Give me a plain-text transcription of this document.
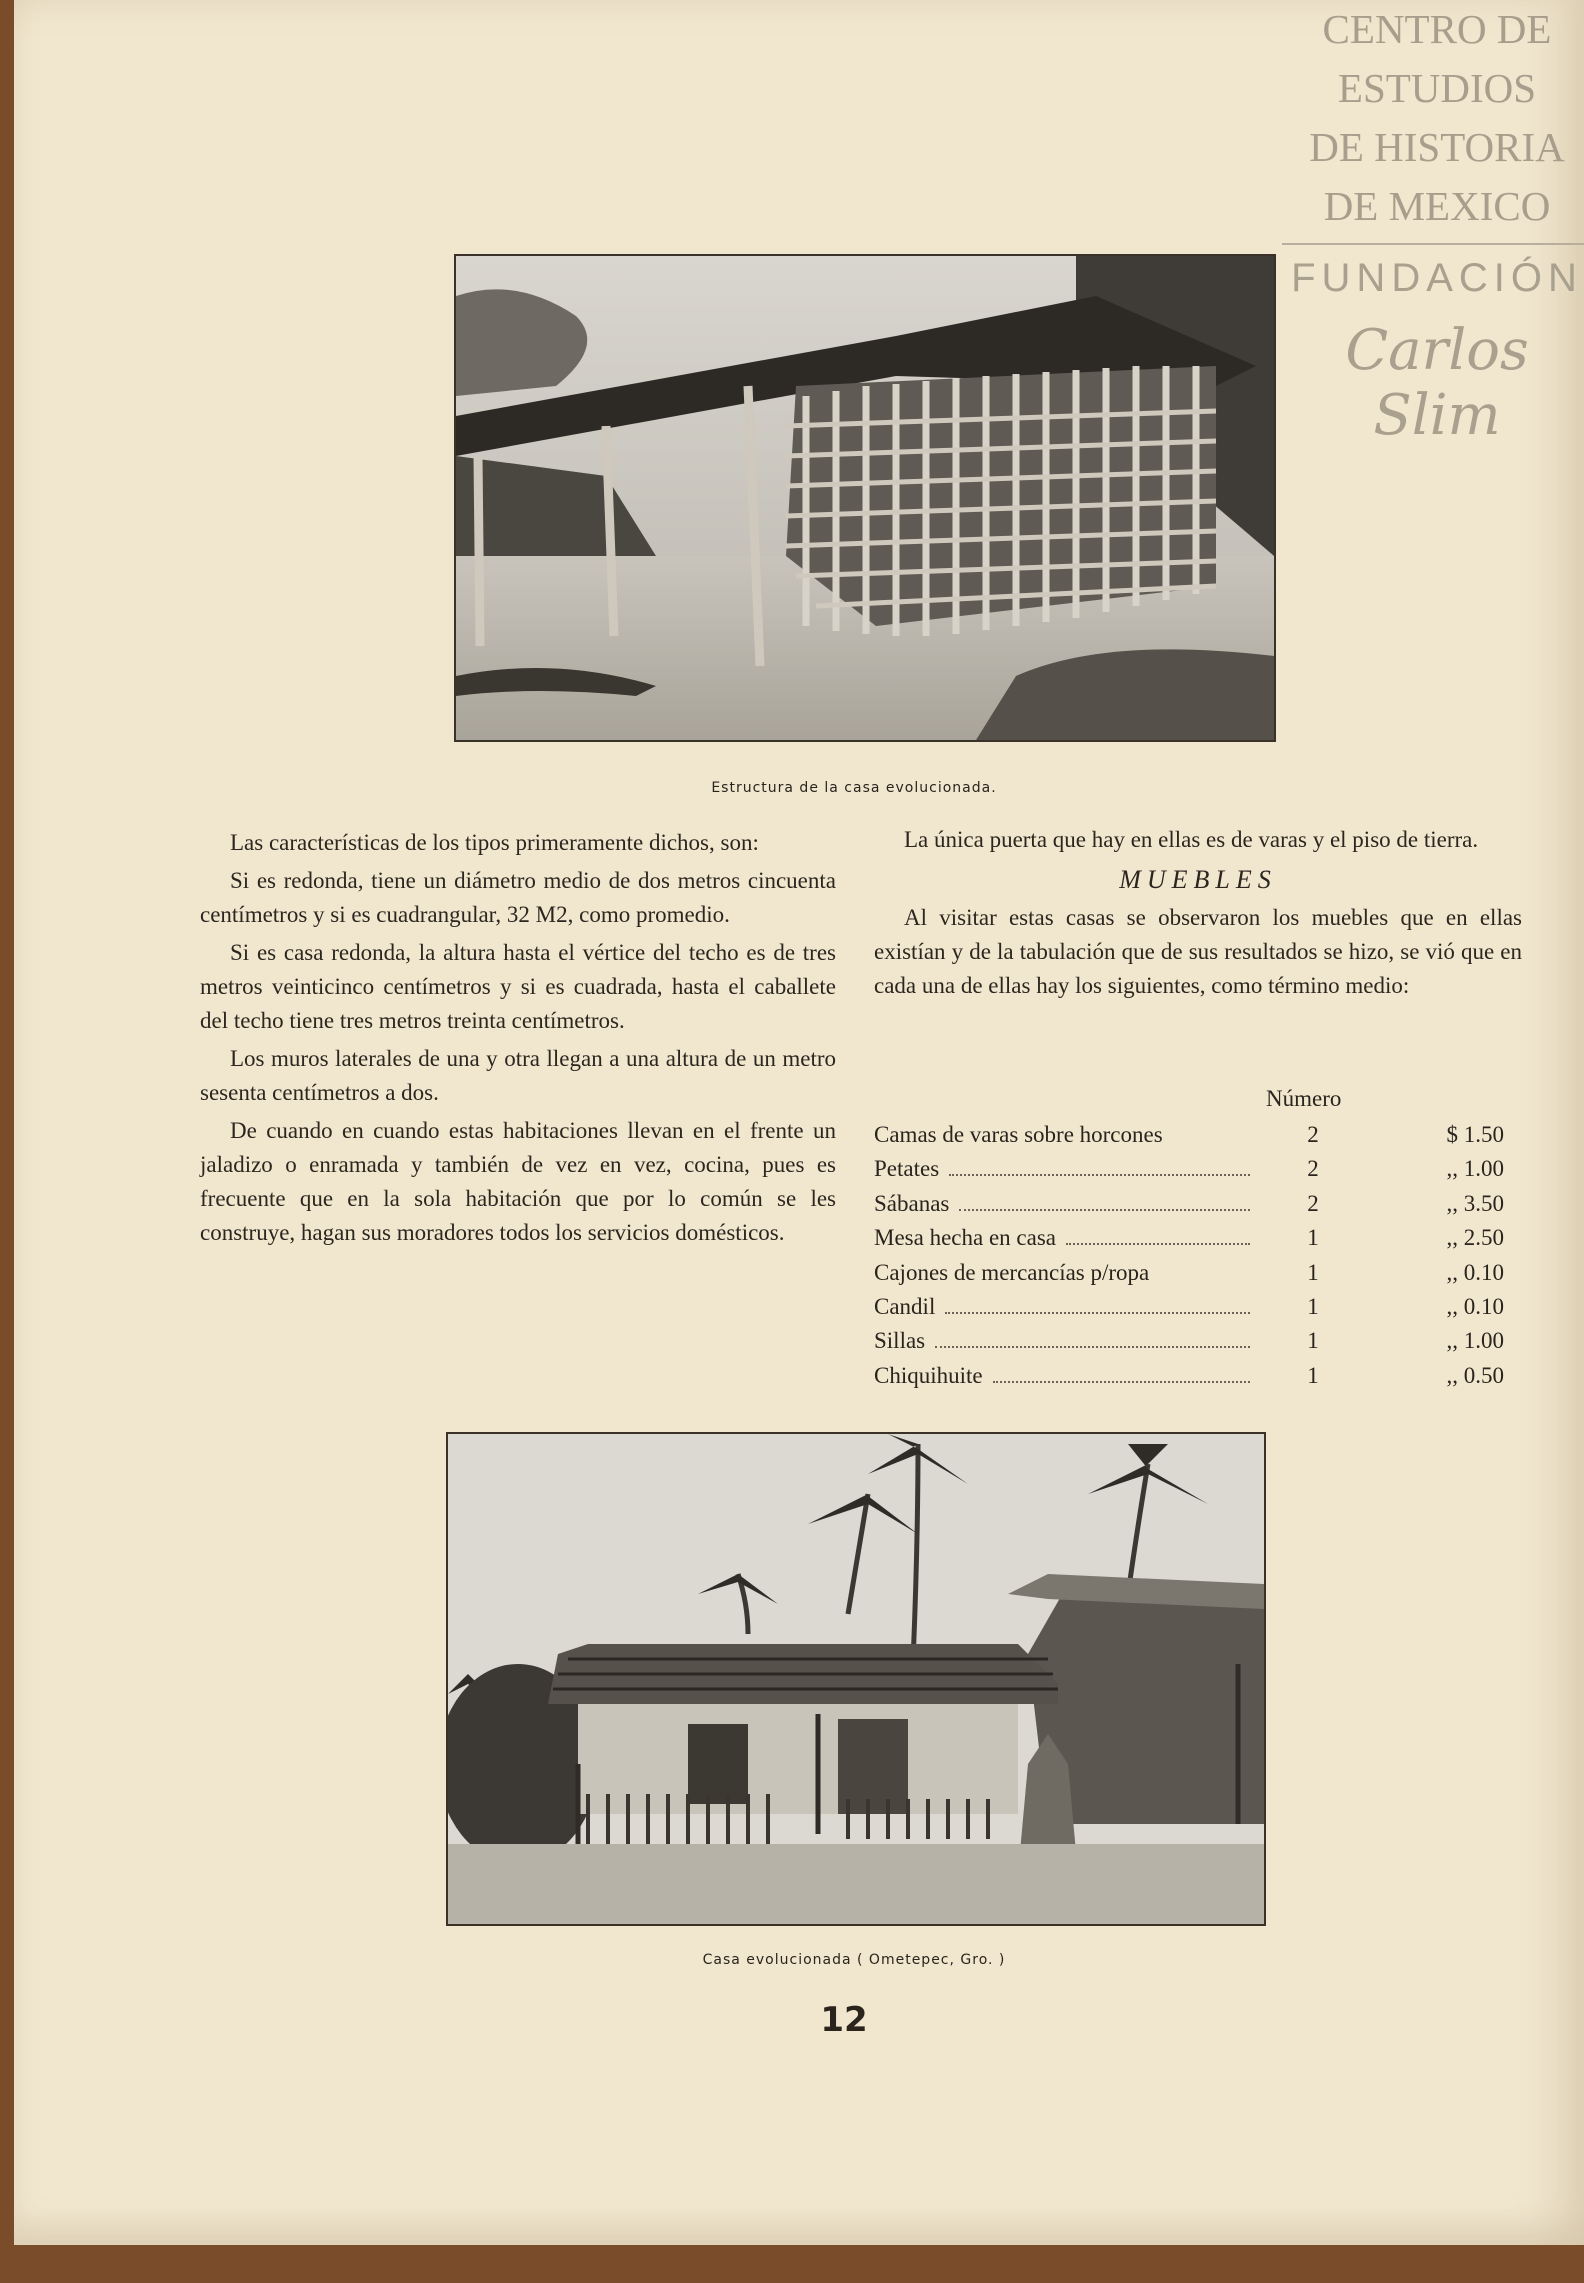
CENTRO DE
ESTUDIOS
DE HISTORIA
DE MEXICO
FUNDACIÓN
Carlos Slim
Estructura de la casa evolucionada.

Las características de los tipos primeramente dichos, son:

Si es redonda, tiene un diámetro medio de dos metros cincuenta centímetros y si es cuadrangular, 32 M2, como promedio.

Si es casa redonda, la altura hasta el vértice del techo es de tres metros veinticinco centímetros y si es cuadrada, hasta el caballete del techo tiene tres metros treinta centímetros.

Los muros laterales de una y otra llegan a una altura de un metro sesenta centímetros a dos.

De cuando en cuando estas habitaciones llevan en el frente un jaladizo o enramada y también de vez en vez, cocina, pues es frecuente que en la sola habitación que por lo común se les construye, hagan sus moradores todos los servicios domésticos.

La única puerta que hay en ellas es de varas y el piso de tierra.

MUEBLES

Al visitar estas casas se observaron los muebles que en ellas existían y de la tabulación que de sus resultados se hizo, se vió que en cada una de ellas hay los siguientes, como término medio:

Número
Camas de varas sobre horcones	2	$ 1.50
Petates	2	,, 1.00
Sábanas	2	,, 3.50
Mesa hecha en casa	1	,, 2.50
Cajones de mercancías p/ropa	1	,, 0.10
Candil	1	,, 0.10
Sillas	1	,, 1.00
Chiquihuite	1	,, 0.50
Casa evolucionada ( Ometepec, Gro. )
12
